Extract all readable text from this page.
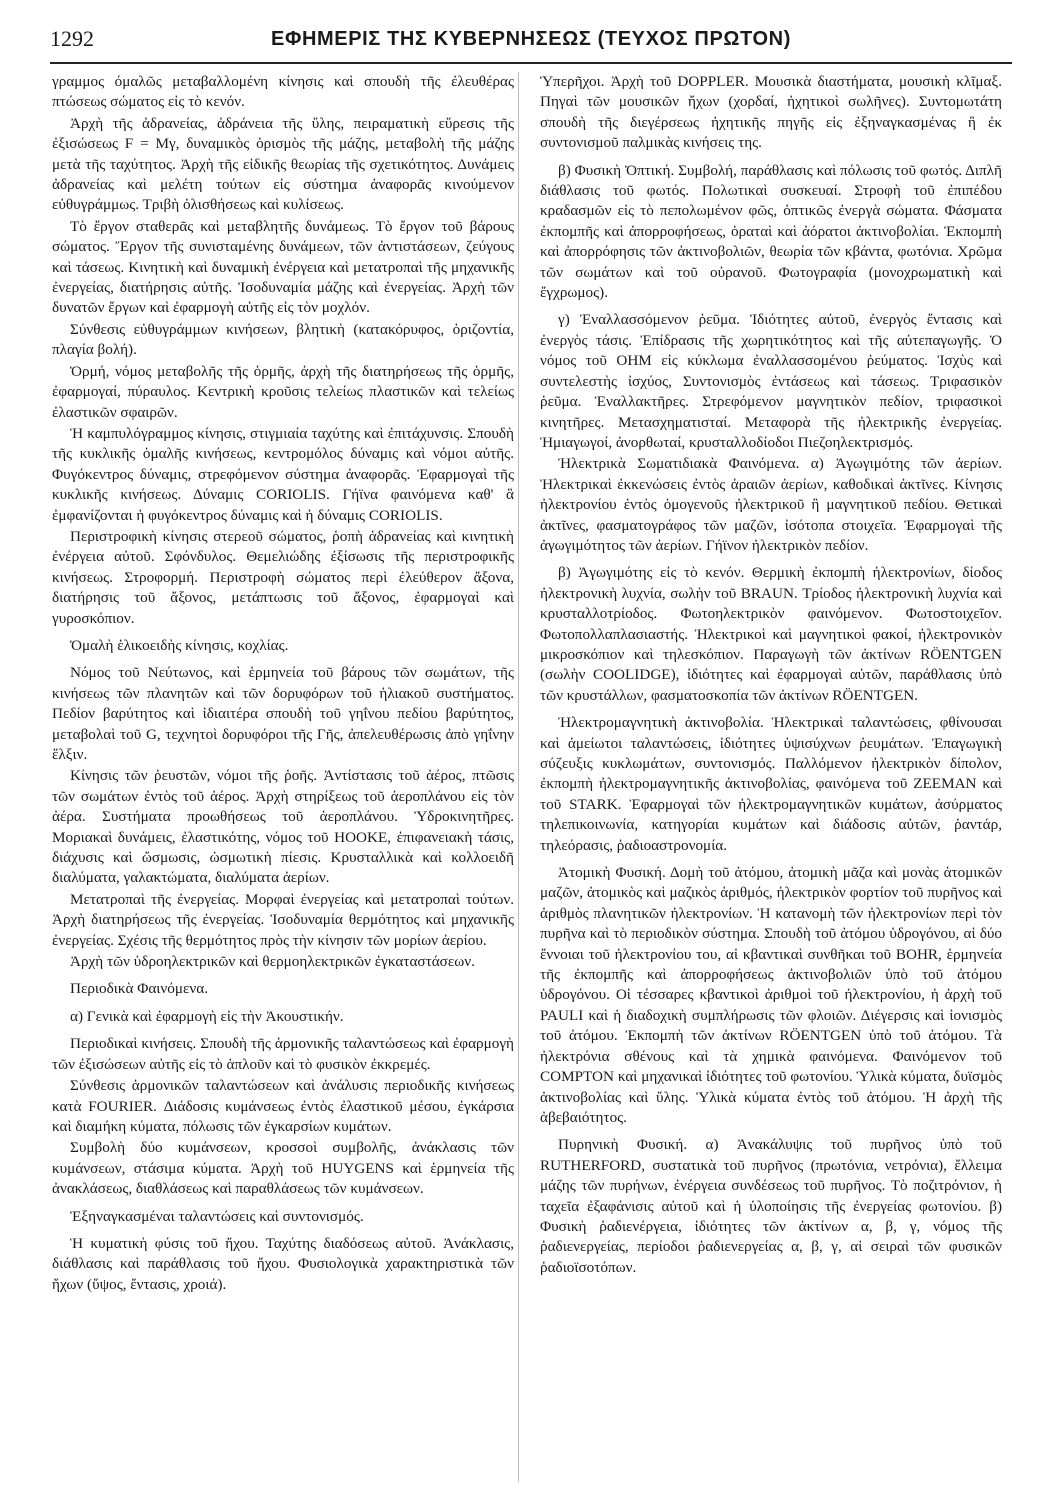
1292	ΕΦΗΜΕΡΙΣ ΤΗΣ ΚΥΒΕΡΝΗΣΕΩΣ (ΤΕΥΧΟΣ ΠΡΩΤΟΝ)

γραμμος όμαλῶς μεταβαλλομένη κίνησις καὶ σπουδὴ τῆς ἐλευθέρας πτώσεως σώματος εἰς τὸ κενόν.

Ἀρχὴ τῆς ἀδρανείας, ἀδράνεια τῆς ὕλης, πειραματικὴ εὕρεσις τῆς ἐξισώσεως F = Mγ, δυναμικὸς ὁρισμὸς τῆς μάζης, μεταβολὴ τῆς μάζης μετὰ τῆς ταχύτητος. Ἀρχὴ τῆς εἰδικῆς θεωρίας τῆς σχετικότητος. Δυνάμεις ἀδρανείας καὶ μελέτη τούτων εἰς σύστημα ἀναφορᾶς κινούμενον εὐθυγράμμως. Τριβὴ ὀλισθήσεως καὶ κυλίσεως.

Τὸ ἔργον σταθερᾶς καὶ μεταβλητῆς δυνάμεως. Τὸ ἔργον τοῦ βάρους σώματος. Ἔργον τῆς συνισταμένης δυνάμεων, τῶν ἀντιστάσεων, ζεύγους καὶ τάσεως. Κινητικὴ καὶ δυναμικὴ ἐνέργεια καὶ μετατροπαὶ τῆς μηχανικῆς ἐνεργείας, διατήρησις αὐτῆς. Ἰσοδυναμία μάζης καὶ ἐνεργείας. Ἀρχὴ τῶν δυνατῶν ἔργων καὶ ἐφαρμογὴ αὐτῆς εἰς τὸν μοχλόν.

Σύνθεσις εὐθυγράμμων κινήσεων, βλητικὴ (κατακόρυφος, ὁριζοντία, πλαγία βολή).

Ὁρμή, νόμος μεταβολῆς τῆς ὁρμῆς, ἀρχὴ τῆς διατηρήσεως τῆς ὁρμῆς, ἐφαρμογαί, πύραυλος. Κεντρικὴ κροῦσις τελείως πλαστικῶν καὶ τελείως ἐλαστικῶν σφαιρῶν.

Ἡ καμπυλόγραμμος κίνησις, στιγμιαία ταχύτης καὶ ἐπιτάχυνσις. Σπουδὴ τῆς κυκλικῆς ὁμαλῆς κινήσεως, κεντρομόλος δύναμις καὶ νόμοι αὐτῆς. Φυγόκεντρος δύναμις, στρεφόμενον σύστημα ἀναφορᾶς. Ἐφαρμογαὶ τῆς κυκλικῆς κινήσεως. Δύναμις CORIOLIS. Γήϊνα φαινόμενα καθ' ἃ ἐμφανίζονται ἡ φυγόκεντρος δύναμις καὶ ἡ δύναμις CORIOLIS.

Περιστροφικὴ κίνησις στερεοῦ σώματος, ῥοπὴ ἀδρανείας καὶ κινητικὴ ἐνέργεια αὐτοῦ. Σφόνδυλος. Θεμελιώδης ἐξίσωσις τῆς περιστροφικῆς κινήσεως. Στροφορμή. Περιστροφὴ σώματος περὶ ἐλεύθερον ἄξονα, διατήρησις τοῦ ἄξονος, μετάπτωσις τοῦ ἄξονος, ἐφαρμογαὶ καὶ γυροσκόπιον.

Ὁμαλὴ ἑλικοειδὴς κίνησις, κοχλίας.

Νόμος τοῦ Νεύτωνος, καὶ ἑρμηνεία τοῦ βάρους τῶν σωμάτων, τῆς κινήσεως τῶν πλανητῶν καὶ τῶν δορυφόρων τοῦ ἡλιακοῦ συστήματος. Πεδίον βαρύτητος καὶ ἰδιαιτέρα σπουδὴ τοῦ γηΐνου πεδίου βαρύτητος, μεταβολαὶ τοῦ G, τεχνητοὶ δορυφόροι τῆς Γῆς, ἀπελευθέρωσις ἀπὸ γηΐνην ἕλξιν.

Κίνησις τῶν ῥευστῶν, νόμοι τῆς ῥοῆς. Ἀντίστασις τοῦ ἀέρος, πτῶσις τῶν σωμάτων ἐντὸς τοῦ ἀέρος. Ἀρχὴ στηρίξεως τοῦ ἀεροπλάνου εἰς τὸν ἀέρα. Συστήματα προωθήσεως τοῦ ἀεροπλάνου. Ὑδροκινητῆρες. Μοριακαὶ δυνάμεις, ἐλαστικότης, νόμος τοῦ HOOKE, ἐπιφανειακὴ τάσις, διάχυσις καὶ ὤσμωσις, ὠσμωτικὴ πίεσις. Κρυσταλλικὰ καὶ κολλοειδῆ διαλύματα, γαλακτώματα, διαλύματα ἀερίων.

Μετατροπαὶ τῆς ἐνεργείας. Μορφαὶ ἐνεργείας καὶ μετατροπαὶ τούτων. Ἀρχὴ διατηρήσεως τῆς ἐνεργείας. Ἰσοδυναμία θερμότητος καὶ μηχανικῆς ἐνεργείας. Σχέσις τῆς θερμότητος πρὸς τὴν κίνησιν τῶν μορίων ἀερίου.

Ἀρχὴ τῶν ὑδροηλεκτρικῶν καὶ θερμοηλεκτρικῶν ἐγκαταστάσεων.

Περιοδικὰ Φαινόμενα.

α) Γενικὰ καὶ ἐφαρμογὴ εἰς τὴν Ἀκουστικήν.

Περιοδικαὶ κινήσεις. Σπουδὴ τῆς ἁρμονικῆς ταλαντώσεως καὶ ἐφαρμογὴ τῶν ἐξισώσεων αὐτῆς εἰς τὸ ἁπλοῦν καὶ τὸ φυσικὸν ἐκκρεμές.

Σύνθεσις ἁρμονικῶν ταλαντώσεων καὶ ἀνάλυσις περιοδικῆς κινήσεως κατὰ FOURIER. Διάδοσις κυμάνσεως ἐντὸς ἐλαστικοῦ μέσου, ἐγκάρσια καὶ διαμήκη κύματα, πόλωσις τῶν ἐγκαρσίων κυμάτων.

Συμβολὴ δύο κυμάνσεων, κροσσοὶ συμβολῆς, ἀνάκλασις τῶν κυμάνσεων, στάσιμα κύματα. Ἀρχὴ τοῦ HUYGENS καὶ ἑρμηνεία τῆς ἀνακλάσεως, διαθλάσεως καὶ παραθλάσεως τῶν κυμάνσεων.

Ἐξηναγκασμέναι ταλαντώσεις καὶ συντονισμός.

Ἡ κυματικὴ φύσις τοῦ ἤχου. Ταχύτης διαδόσεως αὐτοῦ. Ἀνάκλασις, διάθλασις καὶ παράθλασις τοῦ ἤχου. Φυσιολογικὰ χαρακτηριστικὰ τῶν ἤχων (ὕψος, ἔντασις, χροιά).

Ὑπερῆχοι. Ἀρχὴ τοῦ DOPPLER. Μουσικὰ διαστήματα, μουσικὴ κλῖμαξ. Πηγαὶ τῶν μουσικῶν ἤχων (χορδαί, ἠχητικοὶ σωλῆνες). Συντομωτάτη σπουδὴ τῆς διεγέρσεως ἠχητικῆς πηγῆς εἰς ἐξηναγκασμένας ἢ ἐκ συντονισμοῦ παλμικὰς κινήσεις της.

β) Φυσικὴ Ὀπτική. Συμβολή, παράθλασις καὶ πόλωσις τοῦ φωτός. Διπλῆ διάθλασις τοῦ φωτός. Πολωτικαὶ συσκευαί. Στροφὴ τοῦ ἐπιπέδου κραδασμῶν εἰς τὸ πεπολωμένον φῶς, ὀπτικῶς ἐνεργὰ σώματα. Φάσματα ἐκπομπῆς καὶ ἀπορροφήσεως, ὁραταὶ καὶ ἀόρατοι ἀκτινοβολίαι. Ἐκπομπὴ καὶ ἀπορρόφησις τῶν ἀκτινοβολιῶν, θεωρία τῶν κβάντα, φωτόνια. Χρῶμα τῶν σωμάτων καὶ τοῦ οὐρανοῦ. Φωτογραφία (μονοχρωματικὴ καὶ ἔγχρωμος).

γ) Ἐναλλασσόμενον ῥεῦμα. Ἰδιότητες αὐτοῦ, ἐνεργὸς ἔντασις καὶ ἐνεργὸς τάσις. Ἐπίδρασις τῆς χωρητικότητος καὶ τῆς αὐτεπαγωγῆς. Ὁ νόμος τοῦ OHM εἰς κύκλωμα ἐναλλασσομένου ῥεύματος. Ἰσχὺς καὶ συντελεστὴς ἰσχύος, Συντονισμὸς ἐντάσεως καὶ τάσεως. Τριφασικὸν ῥεῦμα. Ἐναλλακτῆρες. Στρεφόμενον μαγνητικὸν πεδίον, τριφασικοὶ κινητῆρες. Μετασχηματισταί. Μεταφορὰ τῆς ἠλεκτρικῆς ἐνεργείας. Ἡμιαγωγοί, ἀνορθωταί, κρυσταλλοδίοδοι Πιεζοηλεκτρισμός.

Ἠλεκτρικὰ Σωματιδιακὰ Φαινόμενα. α) Ἀγωγιμότης τῶν ἀερίων. Ἠλεκτρικαὶ ἐκκενώσεις ἐντὸς ἀραιῶν ἀερίων, καθοδικαὶ ἀκτῖνες. Κίνησις ἠλεκτρονίου ἐντὸς ὁμογενοῦς ἠλεκτρικοῦ ἢ μαγνητικοῦ πεδίου. Θετικαὶ ἀκτῖνες, φασματογράφος τῶν μαζῶν, ἰσότοπα στοιχεῖα. Ἐφαρμογαὶ τῆς ἀγωγιμότητος τῶν ἀερίων. Γήϊνον ἠλεκτρικὸν πεδίον.

β) Ἀγωγιμότης εἰς τὸ κενόν. Θερμικὴ ἐκπομπὴ ἠλεκτρονίων, δίοδος ἠλεκτρονικὴ λυχνία, σωλὴν τοῦ BRAUN. Τρίοδος ἠλεκτρονικὴ λυχνία καὶ κρυσταλλοτρίοδος. Φωτοηλεκτρικὸν φαινόμενον. Φωτοστοιχεῖον. Φωτοπολλαπλασιαστής. Ἠλεκτρικοὶ καὶ μαγνητικοὶ φακοί, ἠλεκτρονικὸν μικροσκόπιον καὶ τηλεσκόπιον. Παραγωγὴ τῶν ἀκτίνων RÖENTGEN (σωλὴν COOLIDGE), ἰδιότητες καὶ ἐφαρμογαὶ αὐτῶν, παράθλασις ὑπὸ τῶν κρυστάλλων, φασματοσκοπία τῶν ἀκτίνων RÖENTGEN.

Ἠλεκτρομαγνητικὴ ἀκτινοβολία. Ἠλεκτρικαὶ ταλαντώσεις, φθίνουσαι καὶ ἀμείωτοι ταλαντώσεις, ἰδιότητες ὑψισύχνων ῥευμάτων. Ἐπαγωγικὴ σύζευξις κυκλωμάτων, συντονισμός. Παλλόμενον ἠλεκτρικὸν δίπολον, ἐκπομπὴ ἠλεκτρομαγνητικῆς ἀκτινοβολίας, φαινόμενα τοῦ ZEEMAN καὶ τοῦ STARK. Ἐφαρμογαὶ τῶν ἠλεκτρομαγνητικῶν κυμάτων, ἀσύρματος τηλεπικοινωνία, κατηγορίαι κυμάτων καὶ διάδοσις αὐτῶν, ῥαντάρ, τηλεόρασις, ῥαδιοαστρονομία.

Ἀτομικὴ Φυσική. Δομὴ τοῦ ἀτόμου, ἀτομικὴ μᾶζα καὶ μονὰς ἀτομικῶν μαζῶν, ἀτομικὸς καὶ μαζικὸς ἀριθμός, ἠλεκτρικὸν φορτίον τοῦ πυρῆνος καὶ ἀριθμὸς πλανητικῶν ἠλεκτρονίων. Ἡ κατανομὴ τῶν ἠλεκτρονίων περὶ τὸν πυρῆνα καὶ τὸ περιοδικὸν σύστημα. Σπουδὴ τοῦ ἀτόμου ὑδρογόνου, αἱ δύο ἔννοιαι τοῦ ἠλεκτρονίου του, αἱ κβαντικαὶ συνθῆκαι τοῦ BOHR, ἑρμηνεία τῆς ἐκπομπῆς καὶ ἀπορροφήσεως ἀκτινοβολιῶν ὑπὸ τοῦ ἀτόμου ὑδρογόνου. Οἱ τέσσαρες κβαντικοὶ ἀριθμοὶ τοῦ ἠλεκτρονίου, ἡ ἀρχὴ τοῦ PAULI καὶ ἡ διαδοχικὴ συμπλήρωσις τῶν φλοιῶν. Διέγερσις καὶ ἰονισμὸς τοῦ ἀτόμου. Ἐκπομπὴ τῶν ἀκτίνων RÖENTGEN ὑπὸ τοῦ ἀτόμου. Τὰ ἠλεκτρόνια σθένους καὶ τὰ χημικὰ φαινόμενα. Φαινόμενον τοῦ COMPTON καὶ μηχανικαὶ ἰδιότητες τοῦ φωτονίου. Ὑλικὰ κύματα, δυϊσμὸς ἀκτινοβολίας καὶ ὕλης. Ὑλικὰ κύματα ἐντὸς τοῦ ἀτόμου. Ἡ ἀρχὴ τῆς ἀβεβαιότητος.

Πυρηνικὴ Φυσική. α) Ἀνακάλυψις τοῦ πυρῆνος ὑπὸ τοῦ RUTHERFORD, συστατικὰ τοῦ πυρῆνος (πρωτόνια, νετρόνια), ἔλλειμα μάζης τῶν πυρήνων, ἐνέργεια συνδέσεως τοῦ πυρῆνος. Τὸ ποζιτρόνιον, ἡ ταχεῖα ἐξαφάνισις αὐτοῦ καὶ ἡ ὑλοποίησις τῆς ἐνεργείας φωτονίου. β) Φυσικὴ ῥαδιενέργεια, ἰδιότητες τῶν ἀκτίνων α, β, γ, νόμος τῆς ῥαδιενεργείας, περίοδοι ῥαδιενεργείας α, β, γ, αἱ σειραὶ τῶν φυσικῶν ῥαδιοϊσοτόπων.
